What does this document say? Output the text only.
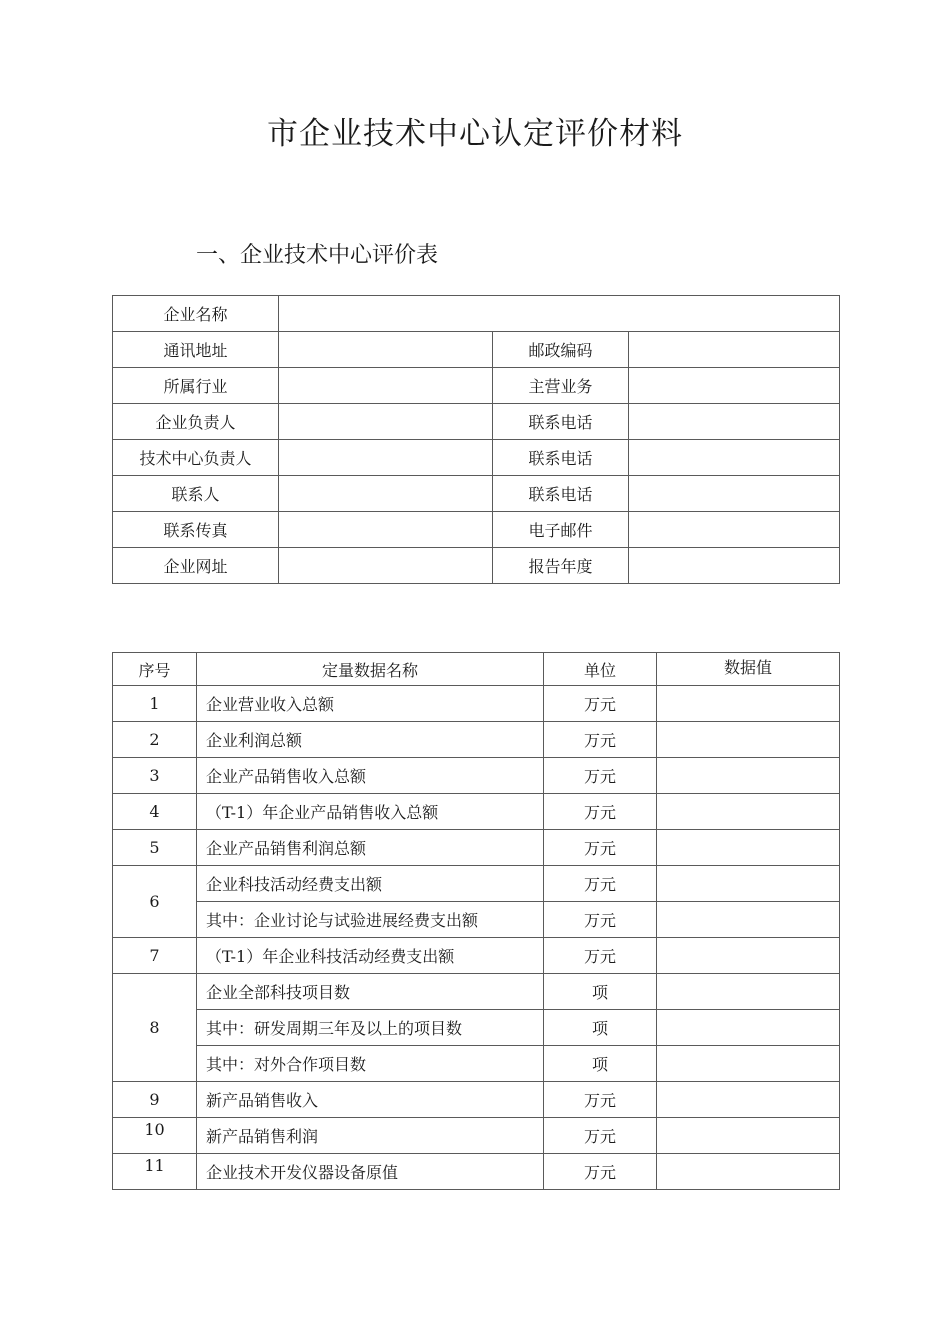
市企业技术中心认定评价材料
一、企业技术中心评价表
企业名称			
通讯地址		邮政编码	
所属行业		主营业务	
企业负责人		联系电话	
技术中心负责人		联系电话	
联系人		联系电话	
联系传真		电子邮件	
企业网址		报告年度	
序号	定量数据名称	单位	数据值
1	企业营业收入总额	万元	
2	企业利润总额	万元	
3	企业产品销售收入总额	万元	
4	（T-1）年企业产品销售收入总额	万元	
5	企业产品销售利润总额	万元	
6	企业科技活动经费支出额	万元	
	其中：企业讨论与试验进展经费支出额	万元	
7	（T-1）年企业科技活动经费支出额	万元	
8	企业全部科技项目数	项	
	其中：研发周期三年及以上的项目数	项	
	其中：对外合作项目数	项	
9	新产品销售收入	万元	
10	新产品销售利润	万元	
11	企业技术开发仪器设备原值	万元	
